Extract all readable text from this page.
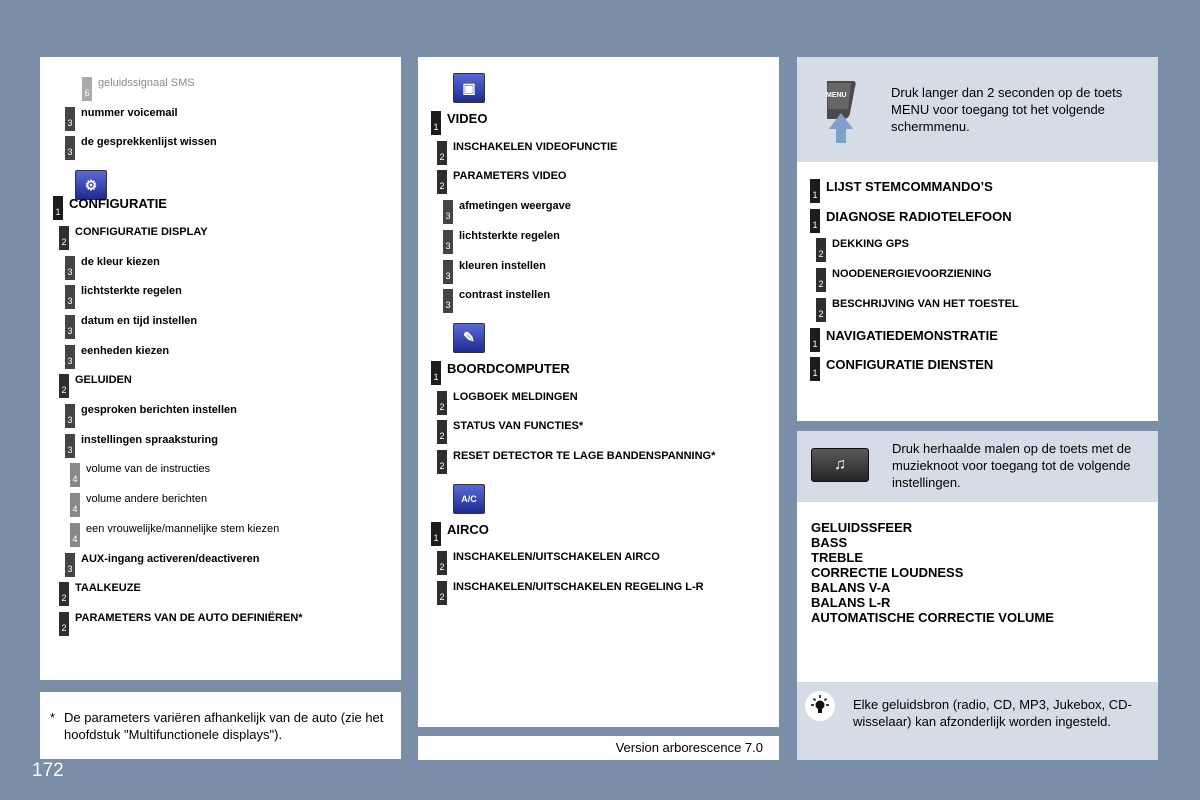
6
geluidssignaal SMS
3
nummer voicemail
3
de gesprekkenlijst wissen
⚙
1
CONFIGURATIE
2
CONFIGURATIE DISPLAY
3
de kleur kiezen
3
lichtsterkte regelen
3
datum en tijd instellen
3
eenheden kiezen
2
GELUIDEN
3
gesproken berichten instellen
3
instellingen spraaksturing
4
volume van de instructies
4
volume andere berichten
4
een vrouwelijke/mannelijke stem kiezen
3
AUX-ingang activeren/deactiveren
2
TAALKEUZE
2
PARAMETERS VAN DE AUTO DEFINIËREN*
* De parameters variëren afhankelijk van de auto (zie het hoofdstuk "Multifunctionele displays").
▣
1
VIDEO
2
INSCHAKELEN VIDEOFUNCTIE
2
PARAMETERS VIDEO
3
afmetingen weergave
3
lichtsterkte regelen
3
kleuren instellen
3
contrast instellen
✎
1
BOORDCOMPUTER
2
LOGBOEK MELDINGEN
2
STATUS VAN FUNCTIES*
2
RESET DETECTOR TE LAGE BANDENSPANNING*
A/C
1
AIRCO
2
INSCHAKELEN/UITSCHAKELEN AIRCO
2
INSCHAKELEN/UITSCHAKELEN REGELING L-R
Version arborescence 7.0
MENU	Druk langer dan 2 seconden op de toets MENU voor toegang tot het volgende schermmenu.
1
LIJST STEMCOMMANDO’S
1
DIAGNOSE RADIOTELEFOON
2
DEKKING GPS
2
NOODENERGIEVOORZIENING
2
BESCHRIJVING VAN HET TOESTEL
1
NAVIGATIEDEMONSTRATIE
1
CONFIGURATIE DIENSTEN
♫
Druk herhaalde malen op de toets met de muzieknoot voor toegang tot de volgende instellingen.
GELUIDSSFEER
BASS
TREBLE
CORRECTIE LOUDNESS
BALANS V-A
BALANS L-R
AUTOMATISCHE CORRECTIE VOLUME
Elke geluidsbron (radio, CD, MP3, Jukebox, CD-wisselaar) kan afzonderlijk worden ingesteld.
172
